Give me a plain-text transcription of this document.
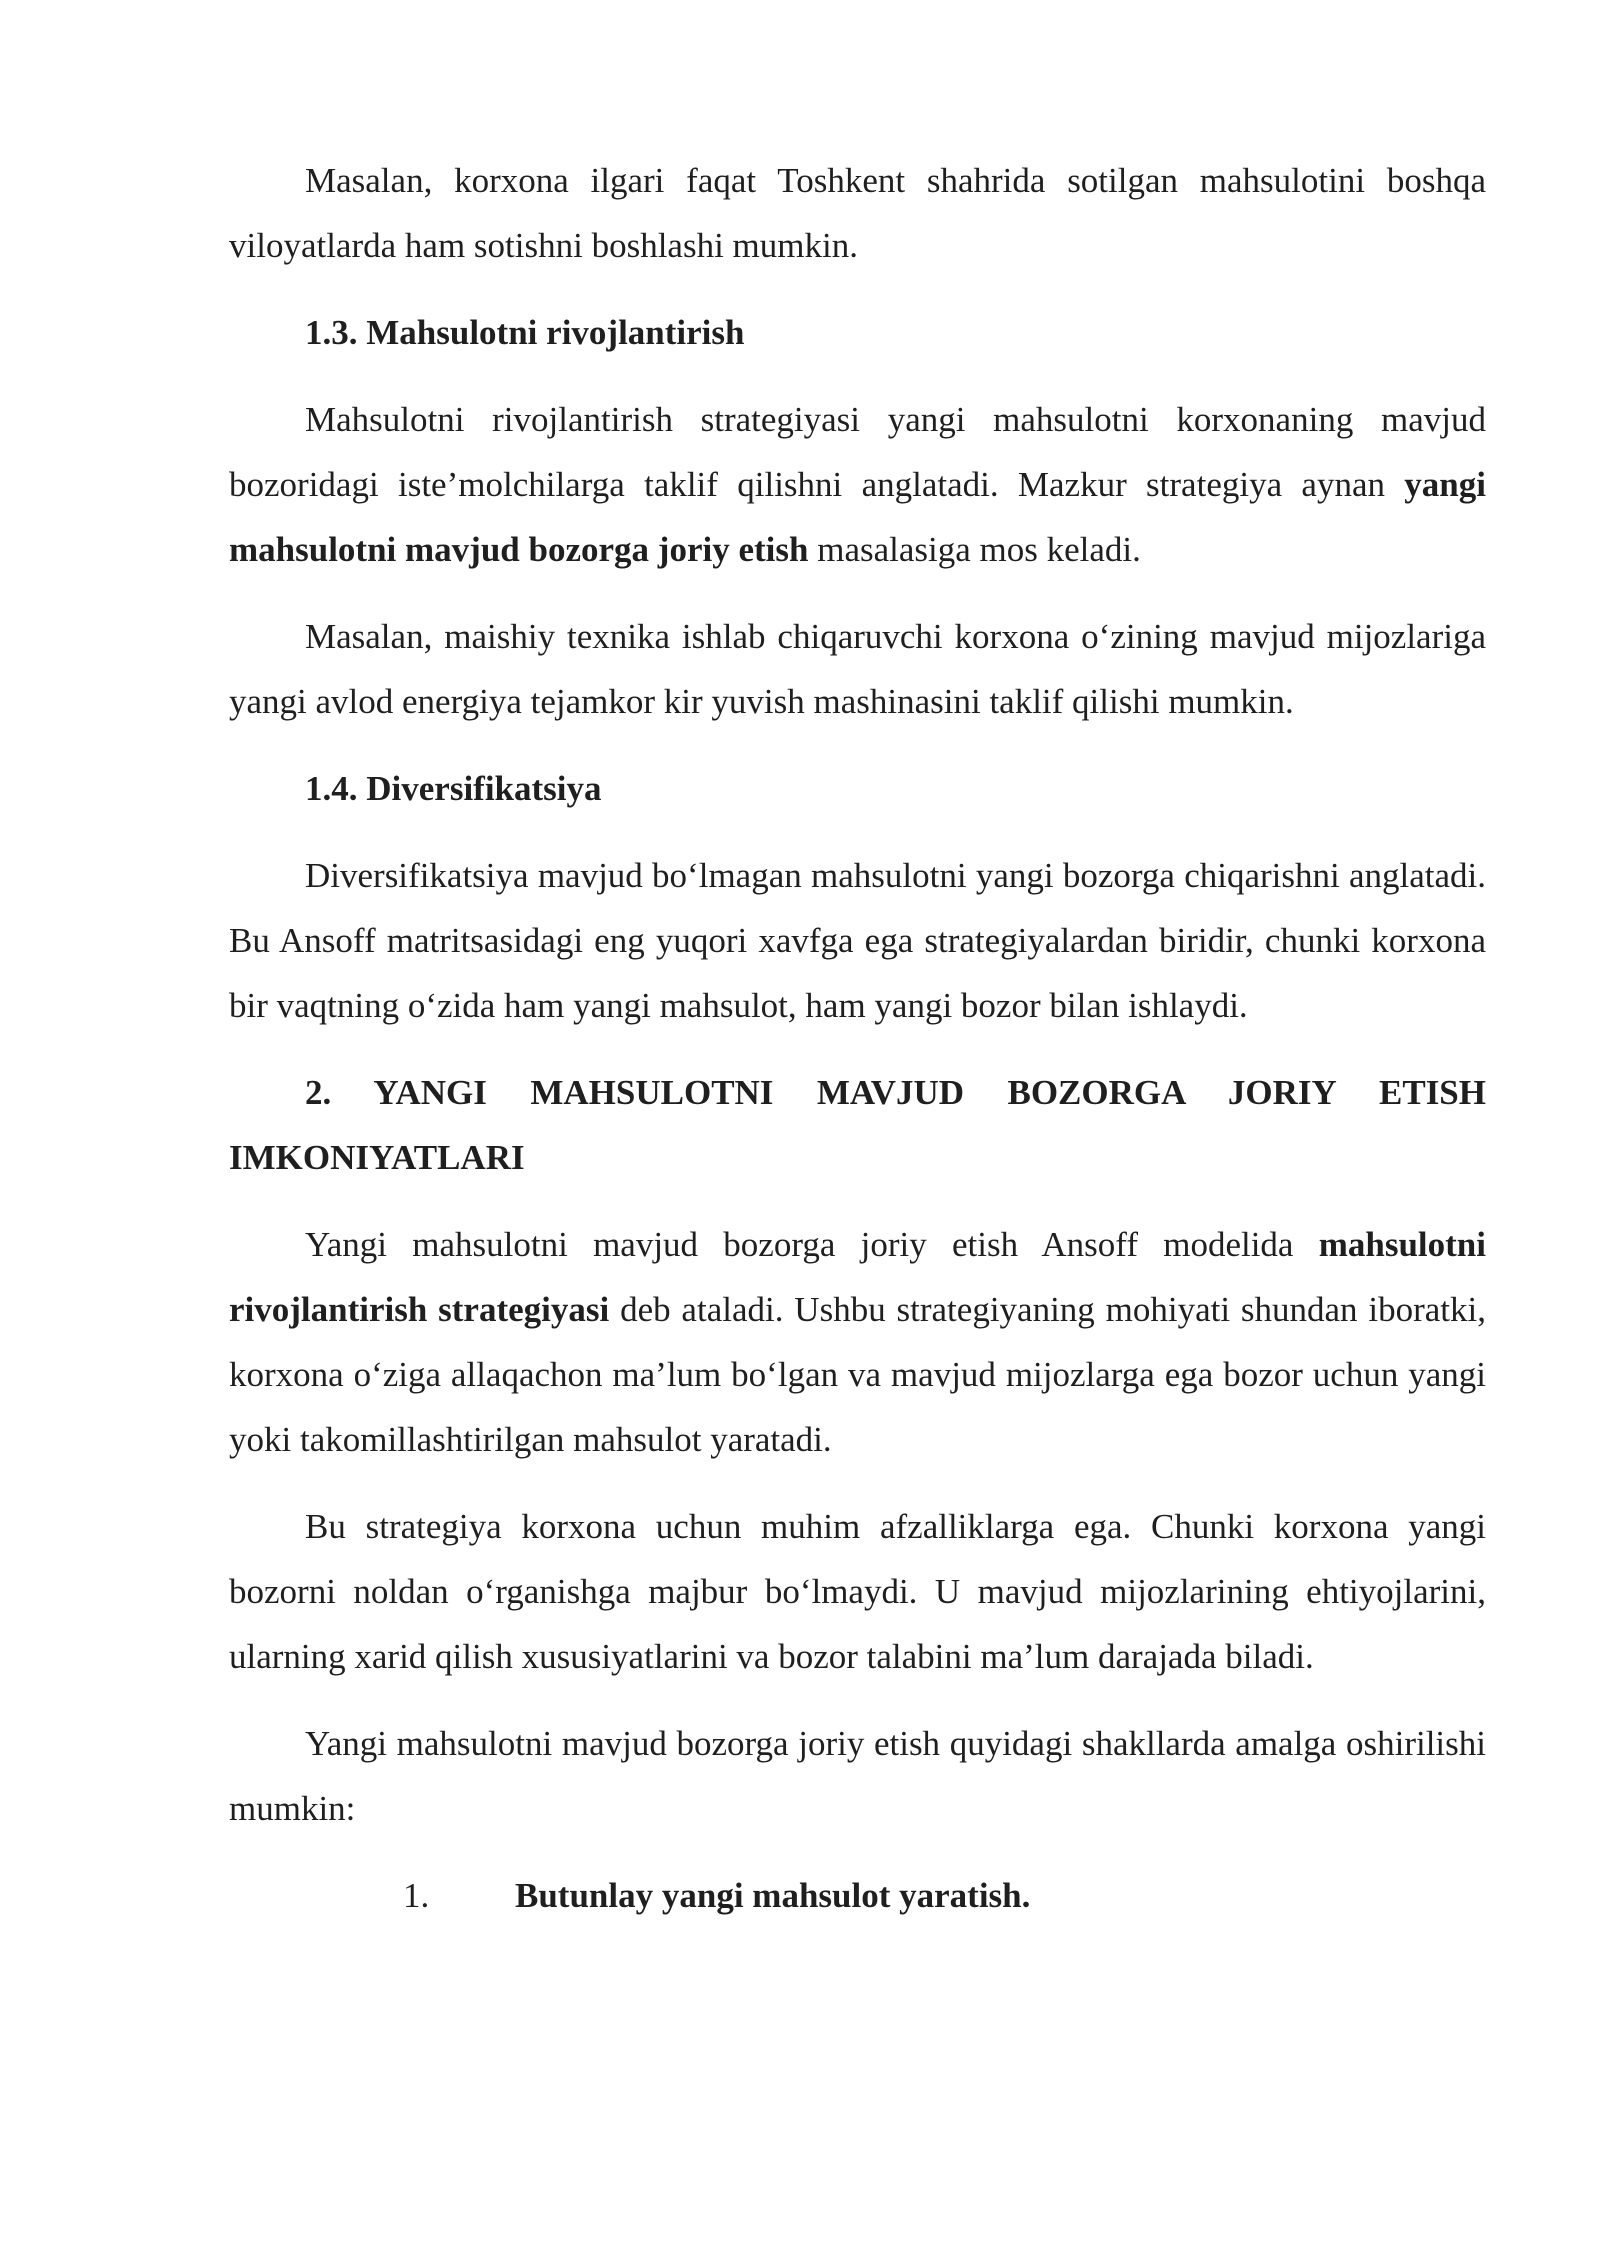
Masalan, korxona ilgari faqat Toshkent shahrida sotilgan mahsulotini boshqa viloyatlarda ham sotishni boshlashi mumkin.

1.3. Mahsulotni rivojlantirish

Mahsulotni rivojlantirish strategiyasi yangi mahsulotni korxonaning mavjud bozoridagi iste’molchilarga taklif qilishni anglatadi. Mazkur strategiya aynan yangi mahsulotni mavjud bozorga joriy etish masalasiga mos keladi.

Masalan, maishiy texnika ishlab chiqaruvchi korxona o‘zining mavjud mijozlariga yangi avlod energiya tejamkor kir yuvish mashinasini taklif qilishi mumkin.

1.4. Diversifikatsiya

Diversifikatsiya mavjud bo‘lmagan mahsulotni yangi bozorga chiqarishni anglatadi. Bu Ansoff matritsasidagi eng yuqori xavfga ega strategiyalardan biridir, chunki korxona bir vaqtning o‘zida ham yangi mahsulot, ham yangi bozor bilan ishlaydi.

2. YANGI MAHSULOTNI MAVJUD BOZORGA JORIY ETISH IMKONIYATLARI

Yangi mahsulotni mavjud bozorga joriy etish Ansoff modelida mahsulotni rivojlantirish strategiyasi deb ataladi. Ushbu strategiyaning mohiyati shundan iboratki, korxona o‘ziga allaqachon ma’lum bo‘lgan va mavjud mijozlarga ega bozor uchun yangi yoki takomillashtirilgan mahsulot yaratadi.

Bu strategiya korxona uchun muhim afzalliklarga ega. Chunki korxona yangi bozorni noldan o‘rganishga majbur bo‘lmaydi. U mavjud mijozlarining ehtiyojlarini, ularning xarid qilish xususiyatlarini va bozor talabini ma’lum darajada biladi.

Yangi mahsulotni mavjud bozorga joriy etish quyidagi shakllarda amalga oshirilishi mumkin:

1.	Butunlay yangi mahsulot yaratish.
